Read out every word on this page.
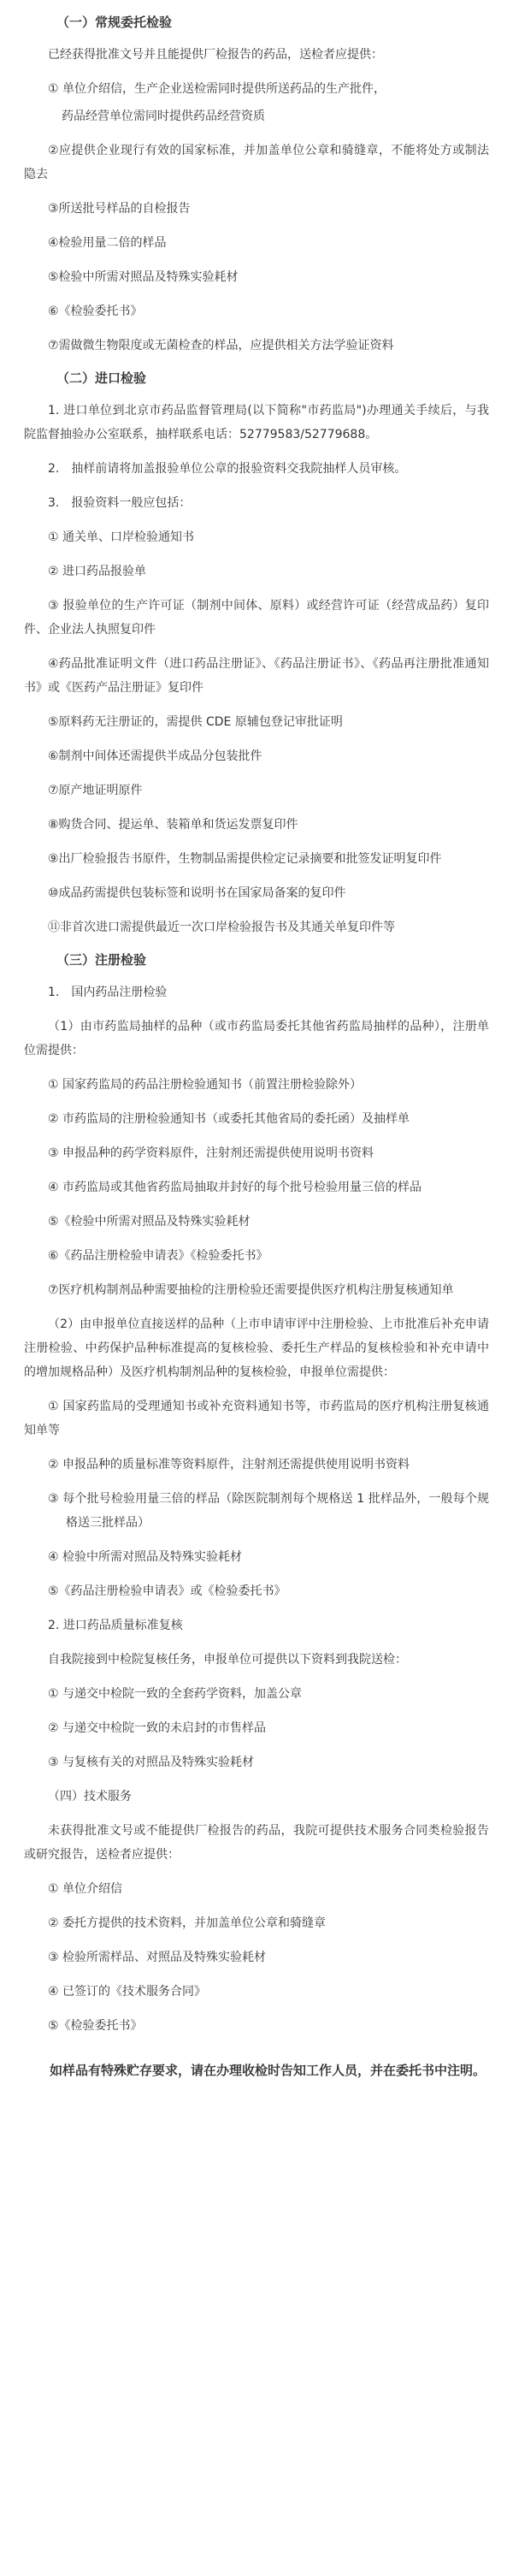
（一）常规委托检验
已经获得批准文号并且能提供厂检报告的药品，送检者应提供：
① 单位介绍信，生产企业送检需同时提供所送药品的生产批件，
药品经营单位需同时提供药品经营资质
②应提供企业现行有效的国家标准，并加盖单位公章和骑缝章，不能将处方或制法隐去
③所送批号样品的自检报告
④检验用量二倍的样品
⑤检验中所需对照品及特殊实验耗材
⑥《检验委托书》
⑦需做微生物限度或无菌检查的样品，应提供相关方法学验证资料
（二）进口检验
1. 进口单位到北京市药品监督管理局(以下简称"市药监局")办理通关手续后，与我院监督抽验办公室联系，抽样联系电话：52779583/52779688。
2.　抽样前请将加盖报验单位公章的报验资料交我院抽样人员审核。
3.　报验资料一般应包括：
① 通关单、口岸检验通知书
② 进口药品报验单
③ 报验单位的生产许可证（制剂中间体、原料）或经营许可证（经营成品药）复印件、企业法人执照复印件
④药品批准证明文件（进口药品注册证》、《药品注册证书》、《药品再注册批准通知书》或《医药产品注册证》复印件
⑤原料药无注册证的，需提供 CDE 原辅包登记审批证明
⑥制剂中间体还需提供半成品分包装批件
⑦原产地证明原件
⑧购货合同、提运单、装箱单和货运发票复印件
⑨出厂检验报告书原件，生物制品需提供检定记录摘要和批签发证明复印件
⑩成品药需提供包装标签和说明书在国家局备案的复印件
⑪非首次进口需提供最近一次口岸检验报告书及其通关单复印件等
（三）注册检验
1.　国内药品注册检验
（1）由市药监局抽样的品种（或市药监局委托其他省药监局抽样的品种），注册单位需提供：
① 国家药监局的药品注册检验通知书（前置注册检验除外）
② 市药监局的注册检验通知书（或委托其他省局的委托函）及抽样单
③ 申报品种的药学资料原件，注射剂还需提供使用说明书资料
④ 市药监局或其他省药监局抽取并封好的每个批号检验用量三倍的样品
⑤《检验中所需对照品及特殊实验耗材
⑥《药品注册检验申请表》《检验委托书》
⑦医疗机构制剂品种需要抽检的注册检验还需要提供医疗机构注册复核通知单
（2）由申报单位直接送样的品种（上市申请审评中注册检验、上市批准后补充申请注册检验、中药保护品种标准提高的复核检验、委托生产样品的复核检验和补充申请中的增加规格品种）及医疗机构制剂品种的复核检验，申报单位需提供：
① 国家药监局的受理通知书或补充资料通知书等，市药监局的医疗机构注册复核通知单等
② 申报品种的质量标准等资料原件，注射剂还需提供使用说明书资料
③ 每个批号检验用量三倍的样品（除医院制剂每个规格送 1 批样品外，一般每个规格送三批样品）
④ 检验中所需对照品及特殊实验耗材
⑤《药品注册检验申请表》或《检验委托书》
2. 进口药品质量标准复核
自我院接到中检院复核任务，申报单位可提供以下资料到我院送检：
① 与递交中检院一致的全套药学资料，加盖公章
② 与递交中检院一致的未启封的市售样品
③ 与复核有关的对照品及特殊实验耗材
（四）技术服务
未获得批准文号或不能提供厂检报告的药品，我院可提供技术服务合同类检验报告或研究报告，送检者应提供：
① 单位介绍信
② 委托方提供的技术资料，并加盖单位公章和骑缝章
③ 检验所需样品、对照品及特殊实验耗材
④ 已签订的《技术服务合同》
⑤《检验委托书》
如样品有特殊贮存要求，请在办理收检时告知工作人员，并在委托书中注明。
